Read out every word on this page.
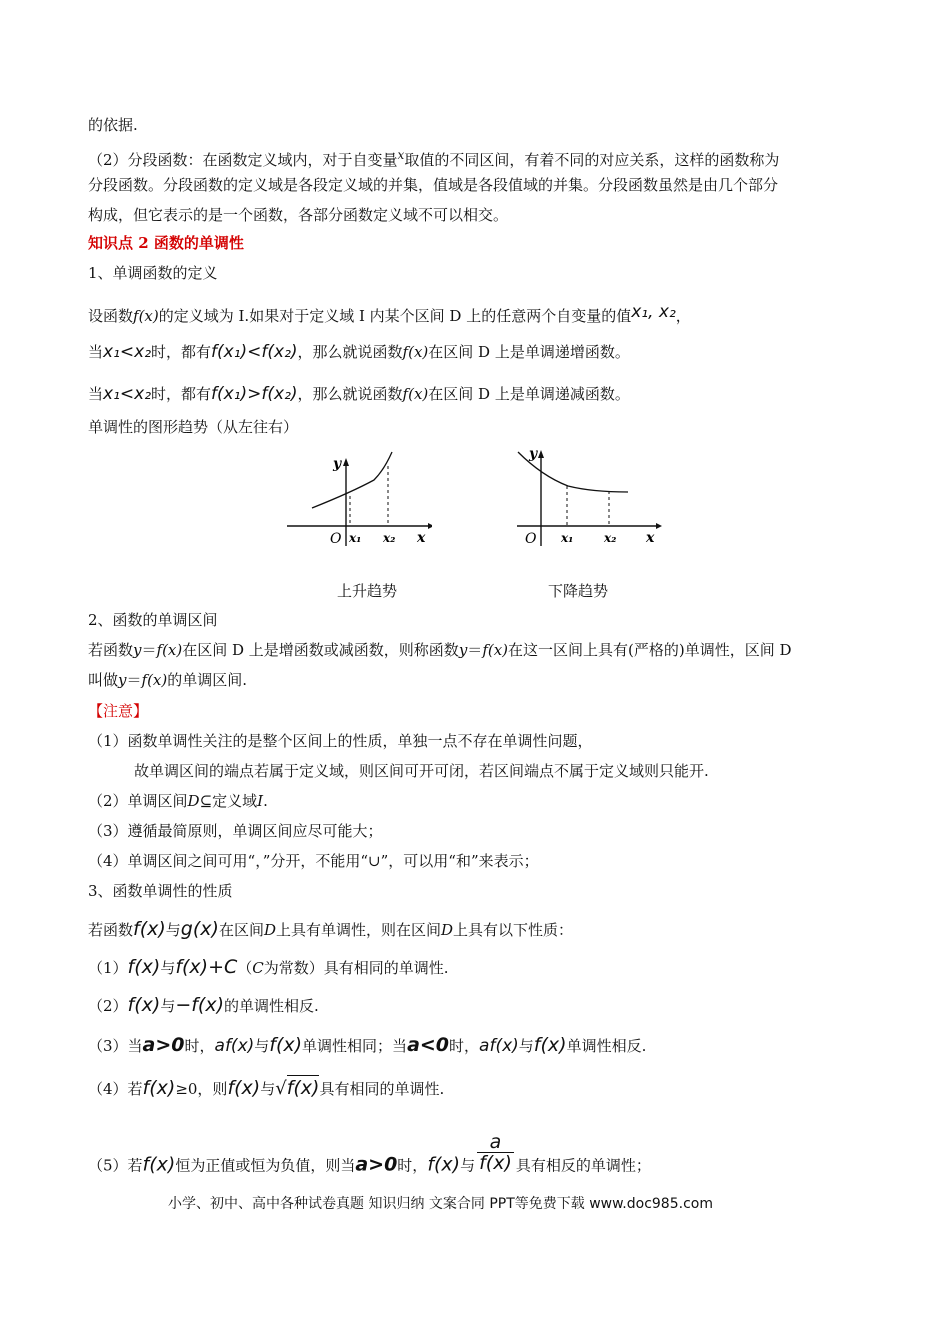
的依据.
（2）分段函数：在函数定义域内，对于自变量$^x$取值的不同区间，有着不同的对应关系，这样的函数称为
分段函数。分段函数的定义域是各段定义域的并集，值域是各段值域的并集。分段函数虽然是由几个部分
构成，但它表示的是一个函数，各部分函数定义域不可以相交。
知识点 2 函数的单调性
1、单调函数的定义
设函数f(x)的定义域为 I.如果对于定义域 I 内某个区间 D 上的任意两个自变量的值x₁, x₂，
当x₁<x₂时，都有f(x₁)<f(x₂)，那么就说函数f(x)在区间 D 上是单调递增函数。
当x₁<x₂时，都有f(x₁)>f(x₂)，那么就说函数f(x)在区间 D 上是单调递减函数。
单调性的图形趋势（从左往右）
y
O x₁ x₂ x
y
O x₁	x₂ x
上升趋势	下降趋势
2、函数的单调区间
若函数y＝f(x)在区间 D 上是增函数或减函数，则称函数y＝f(x)在这一区间上具有(严格的)单调性，区间 D
叫做y＝f(x)的单调区间.
【注意】
（1）函数单调性关注的是整个区间上的性质，单独一点不存在单调性问题，
故单调区间的端点若属于定义域，则区间可开可闭，若区间端点不属于定义域则只能开.
（2）单调区间D⊆定义域I.
（3）遵循最简原则，单调区间应尽可能大；
（4）单调区间之间可用“，”分开，不能用“∪”，可以用“和”来表示；
3、函数单调性的性质
若函数f(x)与g(x)在区间D上具有单调性，则在区间D上具有以下性质：
（1）f(x)与f(x)+C（C为常数）具有相同的单调性.
（2）f(x)与−f(x)的单调性相反.
（3）当a>0时，af(x)与f(x)单调性相同；当a<0时，af(x)与f(x)单调性相反.
（4）若f(x)≥0，则f(x)与√f(x)具有相同的单调性.
（5）若f(x)恒为正值或恒为负值，则当a>0时，f(x)与 $\frac{a}{f(x)}$ 具有相反的单调性；
小学、初中、高中各种试卷真题 知识归纳 文案合同 PPT等免费下载 www.doc985.com
